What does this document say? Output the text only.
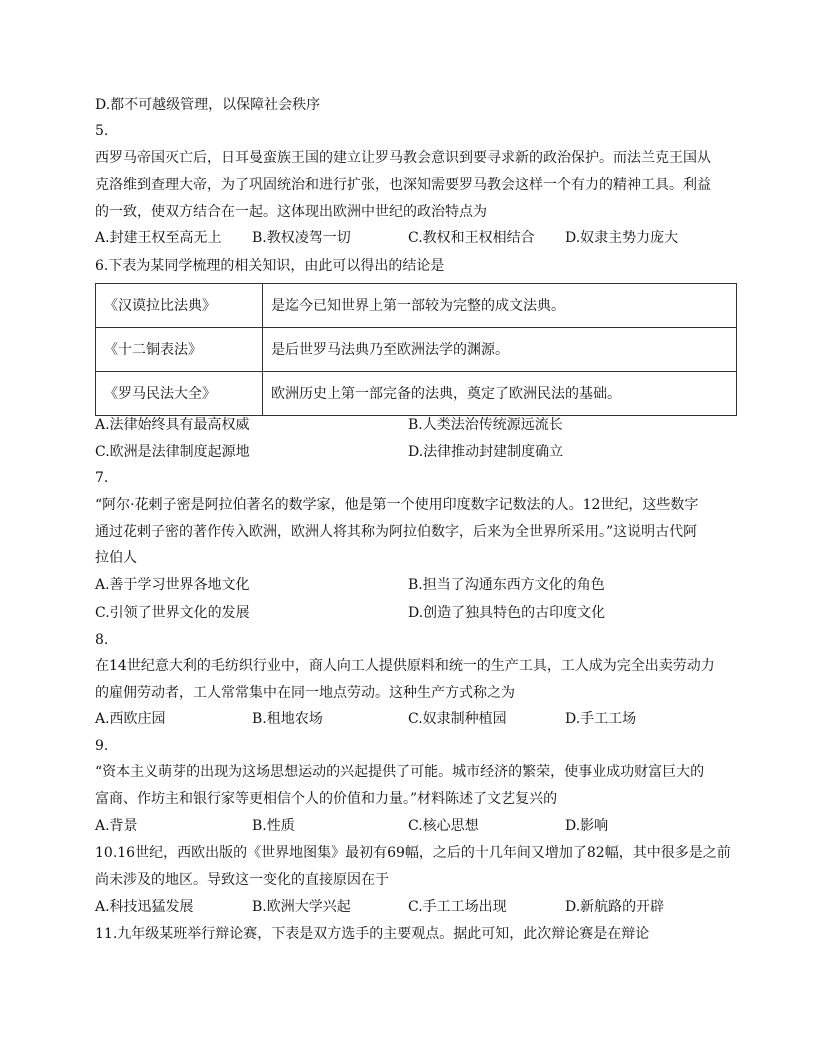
D.都不可越级管理，以保障社会秩序
5.
西罗马帝国灭亡后，日耳曼蛮族王国的建立让罗马教会意识到要寻求新的政治保护。而法兰克王国从
克洛维到查理大帝，为了巩固统治和进行扩张，也深知需要罗马教会这样一个有力的精神工具。利益
的一致，使双方结合在一起。这体现出欧洲中世纪的政治特点为
A.封建王权至高无上 B.教权凌驾一切	C.教权和王权相结合 D.奴隶主势力庞大
6.下表为某同学梳理的相关知识，由此可以得出的结论是
《汉谟拉比法典》	是迄今已知世界上第一部较为完整的成文法典。
《十二铜表法》	是后世罗马法典乃至欧洲法学的渊源。
《罗马民法大全》	欧洲历史上第一部完备的法典，奠定了欧洲民法的基础。
A.法律始终具有最高权威	B.人类法治传统源远流长
C.欧洲是法律制度起源地	D.法律推动封建制度确立
7.
“阿尔·花剌子密是阿拉伯著名的数学家，他是第一个使用印度数字记数法的人。12世纪，这些数字
通过花剌子密的著作传入欧洲，欧洲人将其称为阿拉伯数字，后来为全世界所采用。”这说明古代阿
拉伯人
A.善于学习世界各地文化	B.担当了沟通东西方文化的角色
C.引领了世界文化的发展	D.创造了独具特色的古印度文化
8.
在14世纪意大利的毛纺织行业中，商人向工人提供原料和统一的生产工具，工人成为完全出卖劳动力
的雇佣劳动者，工人常常集中在同一地点劳动。这种生产方式称之为
A.西欧庄园	B.租地农场	C.奴隶制种植园	D.手工工场
9.
“资本主义萌芽的出现为这场思想运动的兴起提供了可能。城市经济的繁荣，使事业成功财富巨大的
富商、作坊主和银行家等更相信个人的价值和力量。”材料陈述了文艺复兴的
A.背景	B.性质	C.核心思想	D.影响
10.16世纪，西欧出版的《世界地图集》最初有69幅，之后的十几年间又增加了82幅，其中很多是之前
尚未涉及的地区。导致这一变化的直接原因在于
A.科技迅猛发展	B.欧洲大学兴起	C.手工工场出现	D.新航路的开辟
11.九年级某班举行辩论赛，下表是双方选手的主要观点。据此可知，此次辩论赛是在辩论
